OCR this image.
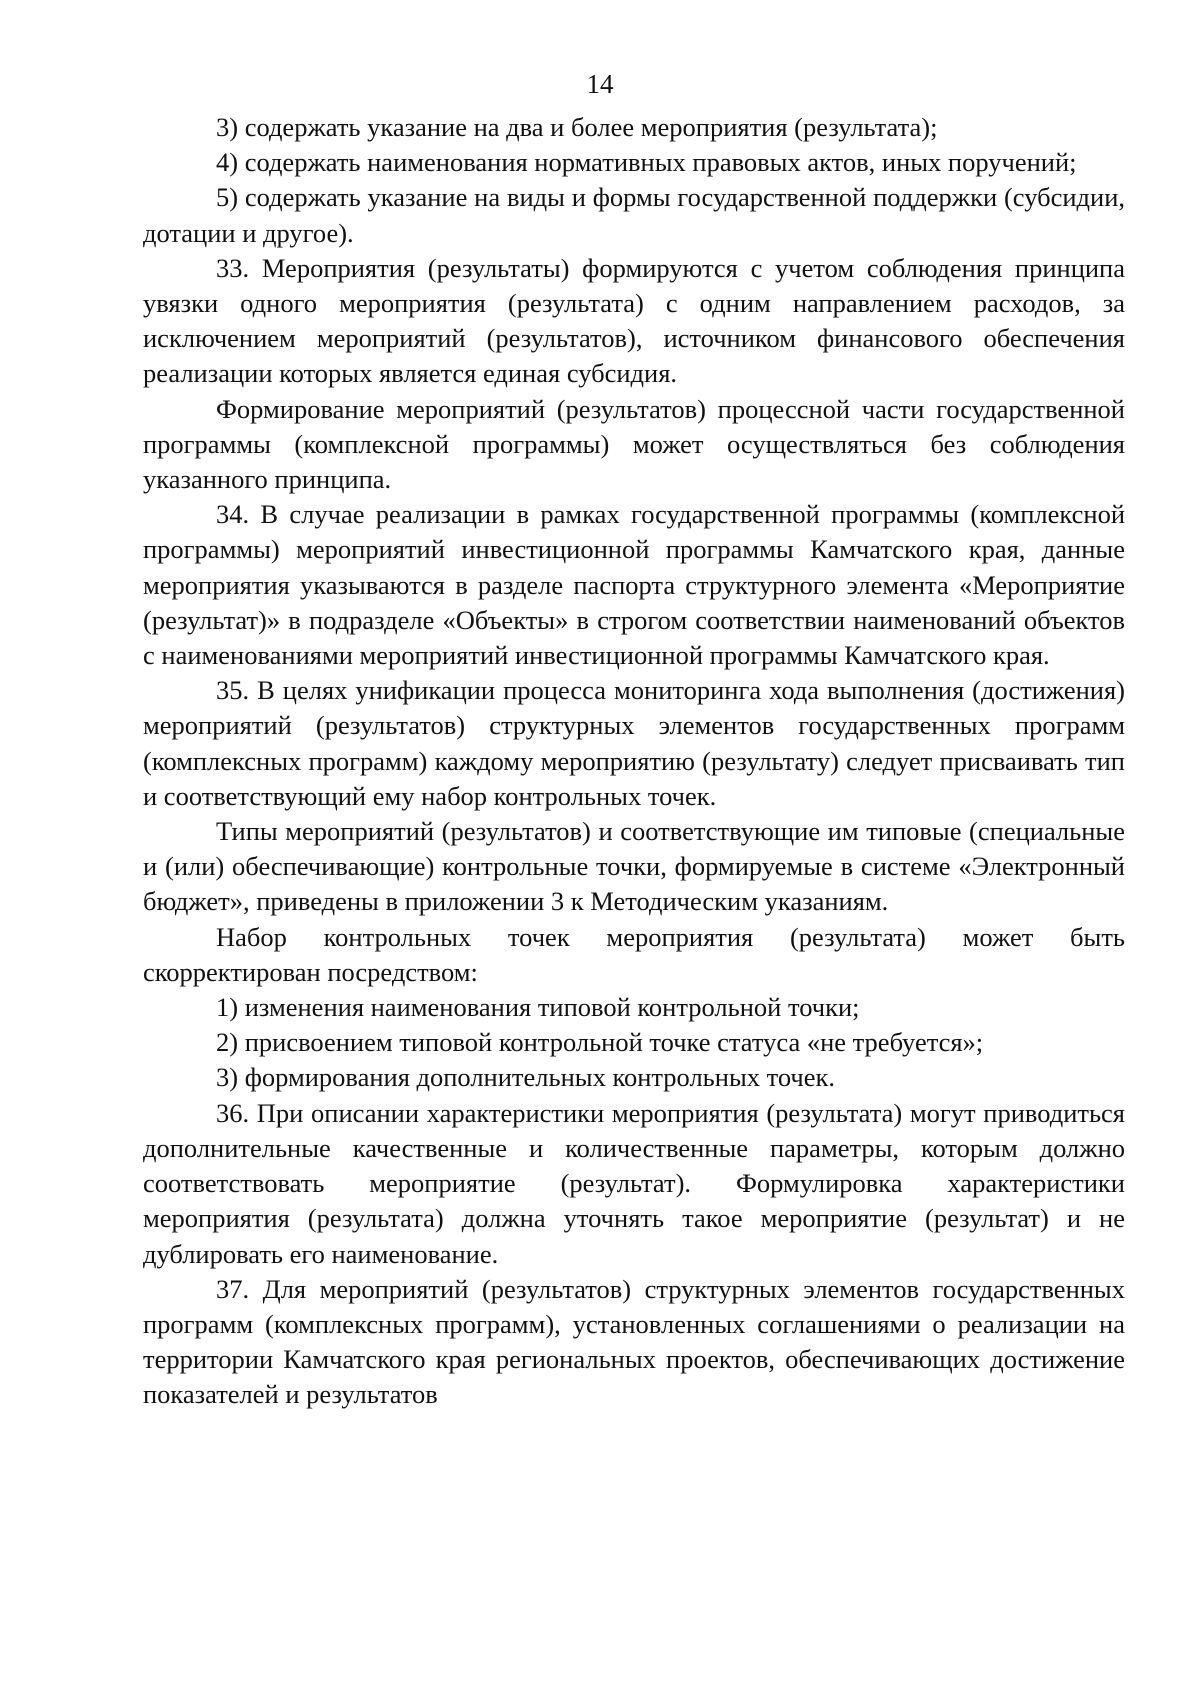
14

3) содержать указание на два и более мероприятия (результата);

4) содержать наименования нормативных правовых актов, иных поручений;

5) содержать указание на виды и формы государственной поддержки (субсидии, дотации и другое).

33. Мероприятия (результаты) формируются с учетом соблюдения принципа увязки одного мероприятия (результата) с одним направлением расходов, за исключением мероприятий (результатов), источником финансового обеспечения реализации которых является единая субсидия.

Формирование мероприятий (результатов) процессной части государственной программы (комплексной программы) может осуществляться без соблюдения указанного принципа.

34. В случае реализации в рамках государственной программы (комплексной программы) мероприятий инвестиционной программы Камчатского края, данные мероприятия указываются в разделе паспорта структурного элемента «Мероприятие (результат)» в подразделе «Объекты» в строгом соответствии наименований объектов с наименованиями мероприятий инвестиционной программы Камчатского края.

35. В целях унификации процесса мониторинга хода выполнения (достижения) мероприятий (результатов) структурных элементов государственных программ (комплексных программ) каждому мероприятию (результату) следует присваивать тип и соответствующий ему набор контрольных точек.

Типы мероприятий (результатов) и соответствующие им типовые (специальные и (или) обеспечивающие) контрольные точки, формируемые в системе «Электронный бюджет», приведены в приложении 3 к Методическим указаниям.

Набор контрольных точек мероприятия (результата) может быть скорректирован посредством:

1) изменения наименования типовой контрольной точки;

2) присвоением типовой контрольной точке статуса «не требуется»;

3) формирования дополнительных контрольных точек.

36. При описании характеристики мероприятия (результата) могут приводиться дополнительные качественные и количественные параметры, которым должно соответствовать мероприятие (результат). Формулировка характеристики мероприятия (результата) должна уточнять такое мероприятие (результат) и не дублировать его наименование.

37. Для мероприятий (результатов) структурных элементов государственных программ (комплексных программ), установленных соглашениями о реализации на территории Камчатского края региональных проектов, обеспечивающих достижение показателей и результатов
